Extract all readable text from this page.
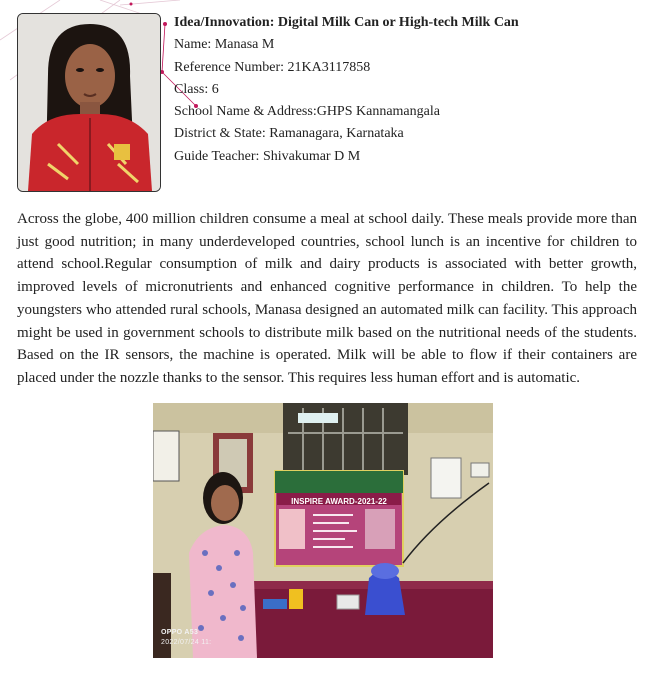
Idea/Innovation: Digital Milk Can or High-tech Milk Can
Name: Manasa M
Reference Number: 21KA3117858
Class: 6
School Name & Address:GHPS Kannamangala
District & State: Ramanagara, Karnataka
Guide Teacher: Shivakumar D M

Across the globe, 400 million children consume a meal at school daily. These meals provide more than just good nutrition; in many underdeveloped countries, school lunch is an incentive for children to attend school.Regular consumption of milk and dairy products is associated with better growth, improved levels of micronutrients and enhanced cognitive performance in children. To help the youngsters who attended rural schools, Manasa designed an automated milk can facility. This approach might be used in government schools to distribute milk based on the nutritional needs of the students. Based on the IR sensors, the machine is operated. Milk will be able to flow if their containers are placed under the nozzle thanks to the sensor. This requires less human effort and is automatic.

INSPIRE AWARD-2021-22
OPPO A53
2022/07/24 11:
